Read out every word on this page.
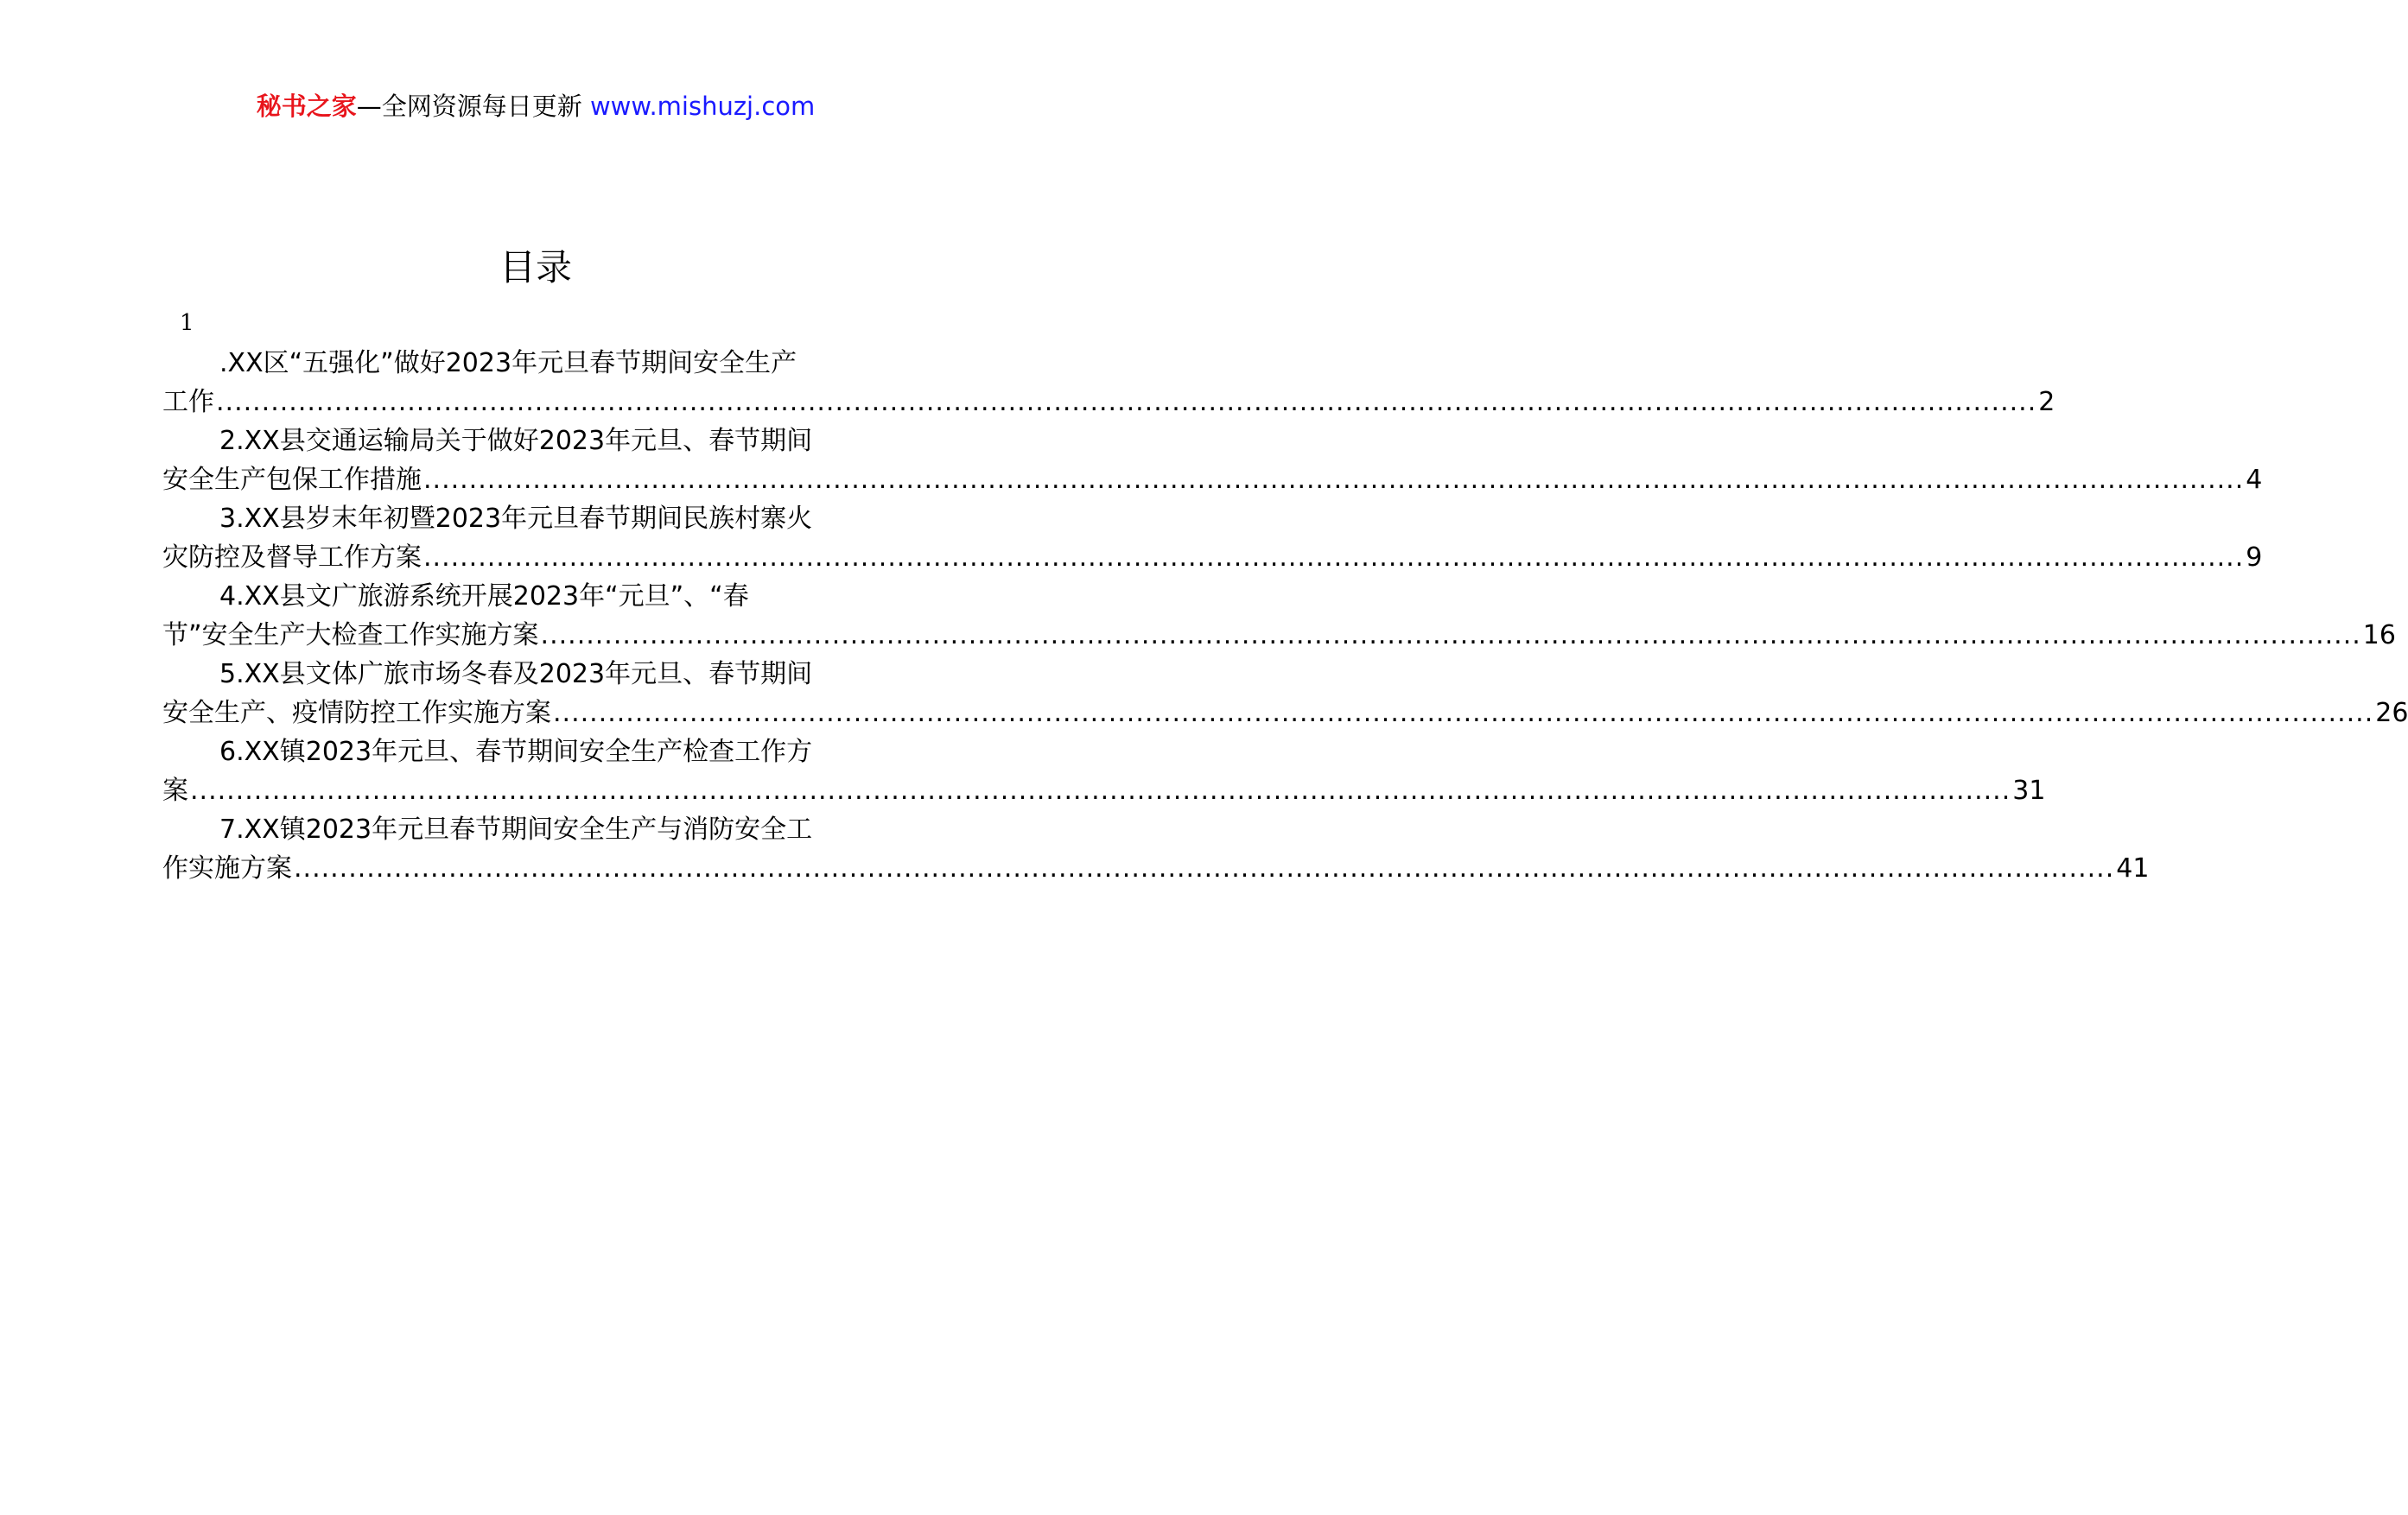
秘书之家—全网资源每日更新 www.mishuzj.com
目录
1
.XX区“五强化”做好2023年元旦春节期间安全生产
工作 ........................................................................................................................................................................................................ 2
2.XX县交通运输局关于做好2023年元旦、春节期间
安全生产包保工作措施 ........................................................................................................................................................................................................ 4
3.XX县岁末年初暨2023年元旦春节期间民族村寨火
灾防控及督导工作方案 ........................................................................................................................................................................................................ 9
4.XX县文广旅游系统开展2023年“元旦”、“春
节”安全生产大检查工作实施方案 ........................................................................................................................................................................................................ 16
5.XX县文体广旅市场冬春及2023年元旦、春节期间
安全生产、疫情防控工作实施方案 ........................................................................................................................................................................................................ 26
6.XX镇2023年元旦、春节期间安全生产检查工作方
案 ........................................................................................................................................................................................................ 31
7.XX镇2023年元旦春节期间安全生产与消防安全工
作实施方案 ........................................................................................................................................................................................................ 41
